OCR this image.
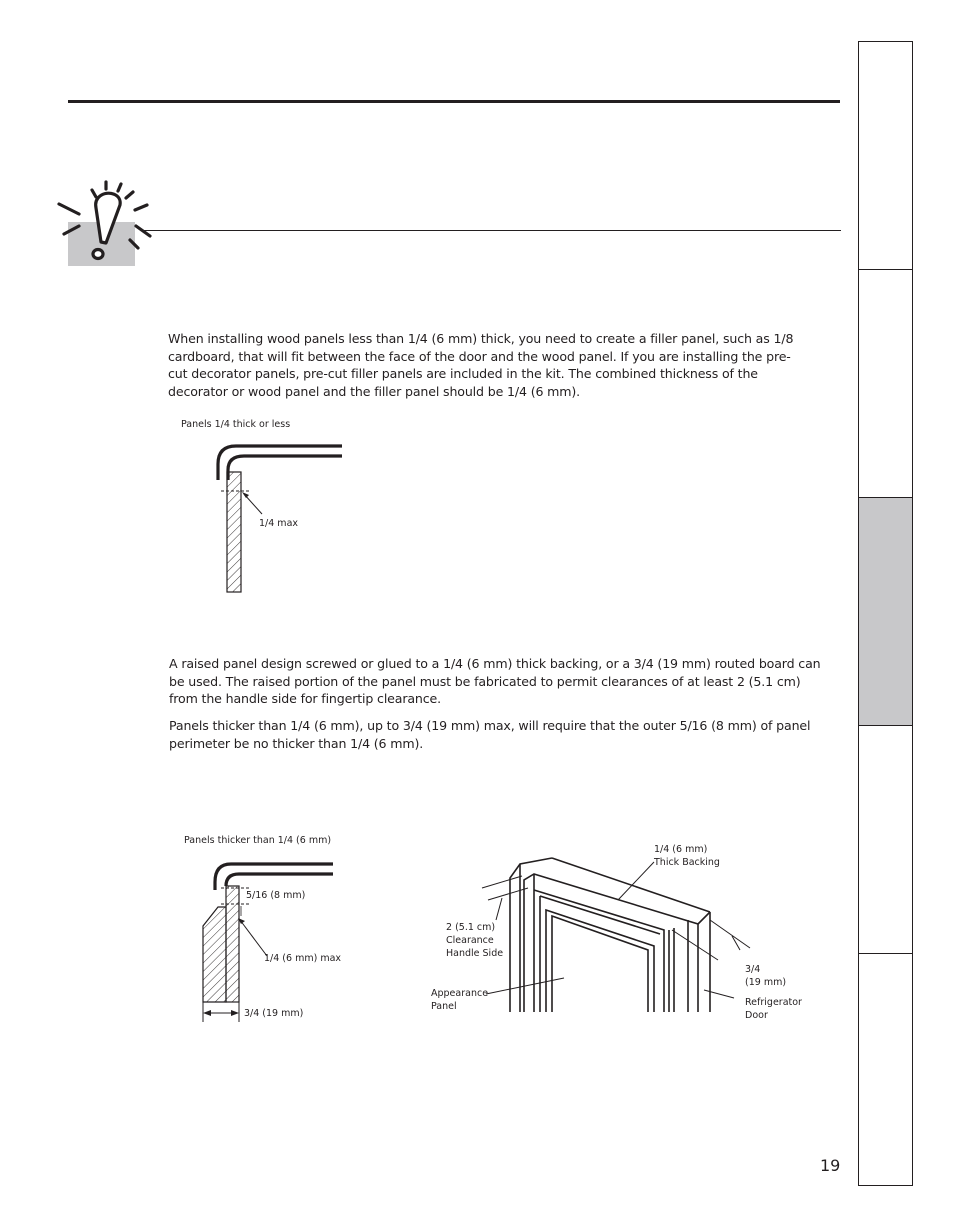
When installing wood panels less than 1/4 (6 mm) thick, you need to create a filler panel, such as 1/8 cardboard, that will fit between the face of the door and the wood panel. If you are installing the pre-cut decorator panels, pre-cut filler panels are included in the kit. The combined thickness of the decorator or wood panel and the filler panel should be 1/4 (6 mm).

Panels 1/4 thick or less
1/4 max

A raised panel design screwed or glued to a 1/4 (6 mm) thick backing, or a 3/4 (19 mm) routed board can be used. The raised portion of the panel must be fabricated to permit clearances of at least 2 (5.1 cm) from the handle side for fingertip clearance.

Panels thicker than 1/4 (6 mm), up to 3/4 (19 mm) max, will require that the outer 5/16 (8 mm) of panel perimeter be no thicker than 1/4 (6 mm).

Panels thicker than 1/4 (6 mm)
5/16 (8 mm)
1/4 (6 mm) max
3/4 (19 mm)
1/4 (6 mm)
Thick Backing
2 (5.1 cm)
Clearance
Handle Side
Appearance
Panel
3/4
(19 mm)
Refrigerator
Door
19
